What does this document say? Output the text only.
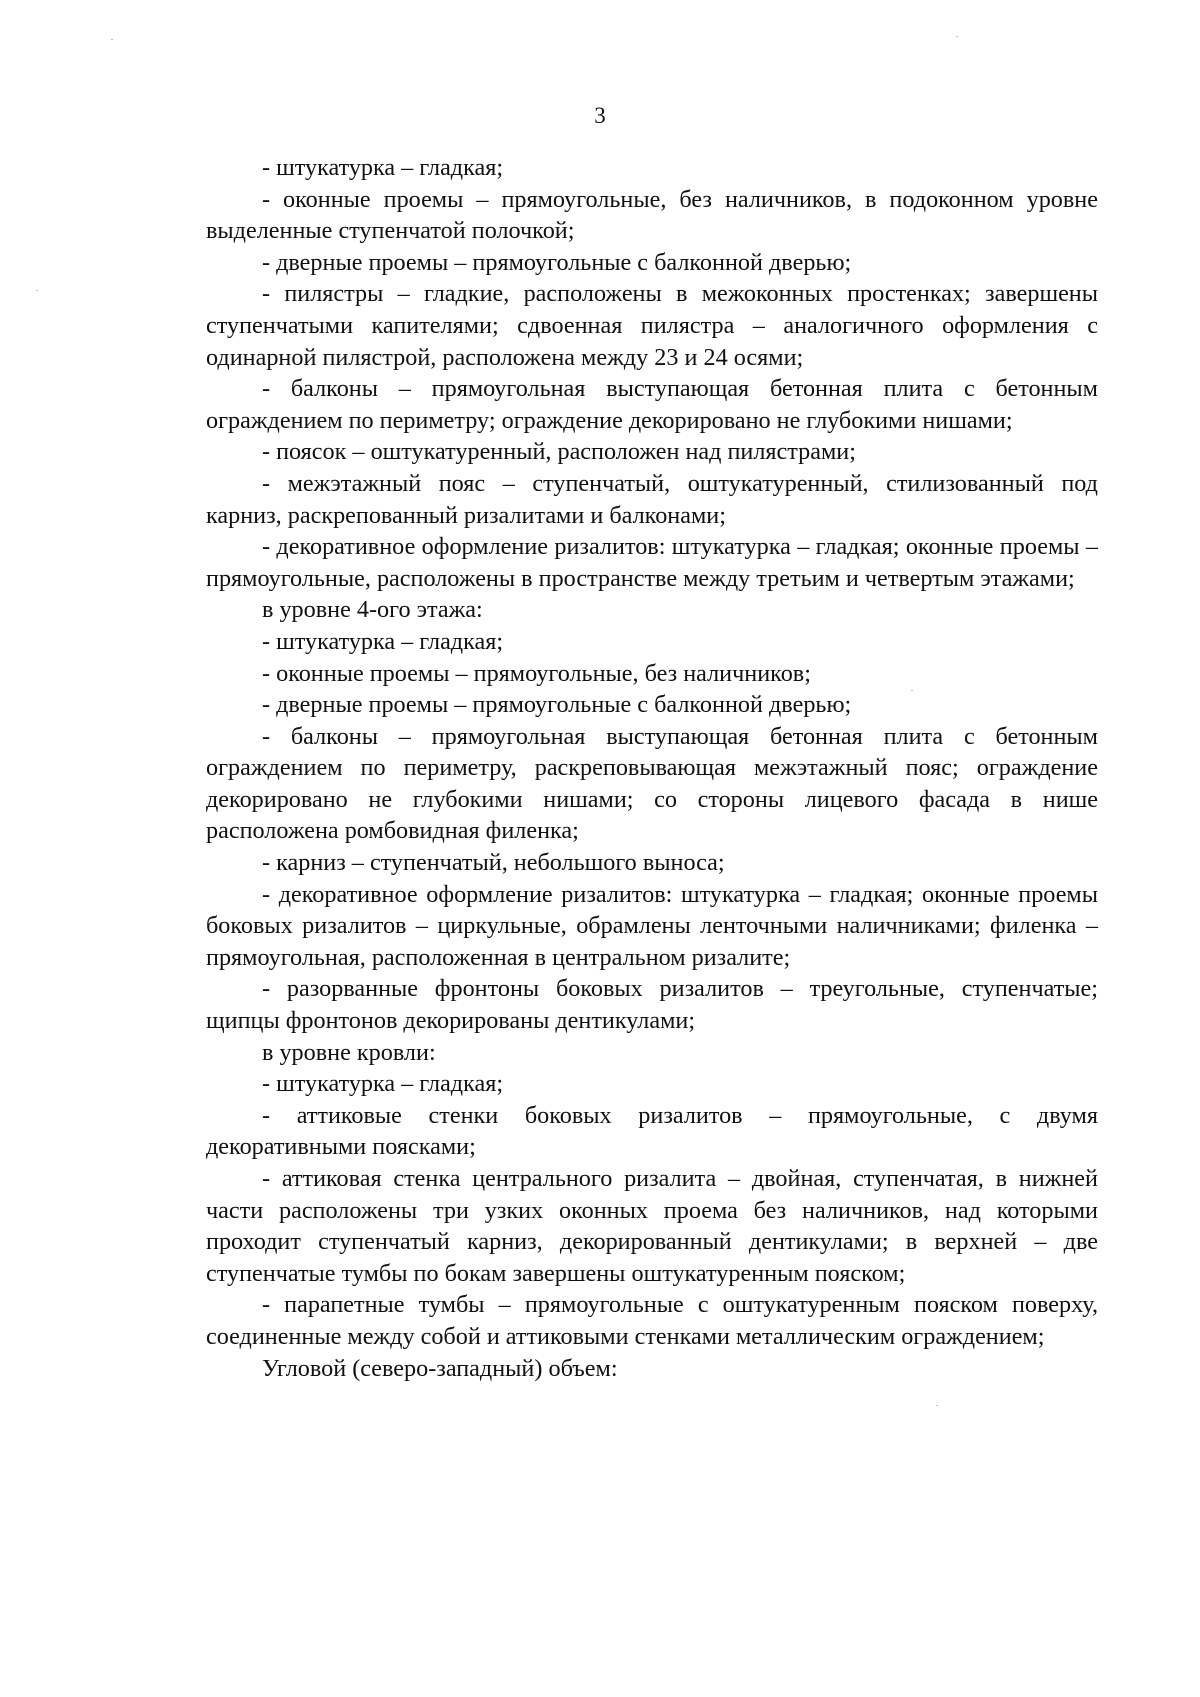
3

- штукатурка – гладкая;

- оконные проемы – прямоугольные, без наличников, в подоконном уровне выделенные ступенчатой полочкой;

- дверные проемы – прямоугольные с балконной дверью;

- пилястры – гладкие, расположены в межоконных простенках; завершены ступенчатыми капителями; сдвоенная пилястра – аналогичного оформления с одинарной пилястрой, расположена между 23 и 24 осями;

- балконы – прямоугольная выступающая бетонная плита с бетонным ограждением по периметру; ограждение декорировано не глубокими нишами;

- поясок – оштукатуренный, расположен над пилястрами;

- межэтажный пояс – ступенчатый, оштукатуренный, стилизованный под карниз, раскрепованный ризалитами и балконами;

- декоративное оформление ризалитов: штукатурка – гладкая; оконные проемы – прямоугольные, расположены в пространстве между третьим и четвертым этажами;

в уровне 4-ого этажа:

- штукатурка – гладкая;

- оконные проемы – прямоугольные, без наличников;

- дверные проемы – прямоугольные с балконной дверью;

- балконы – прямоугольная выступающая бетонная плита с бетонным ограждением по периметру, раскреповывающая межэтажный пояс; ограждение декорировано не глубокими нишами; со стороны лицевого фасада в нише расположена ромбовидная филенка;

- карниз – ступенчатый, небольшого выноса;

- декоративное оформление ризалитов: штукатурка – гладкая; оконные проемы боковых ризалитов – циркульные, обрамлены ленточными наличниками; филенка – прямоугольная, расположенная в центральном ризалите;

- разорванные фронтоны боковых ризалитов – треугольные, ступенчатые; щипцы фронтонов декорированы дентикулами;

в уровне кровли:

- штукатурка – гладкая;

- аттиковые стенки боковых ризалитов – прямоугольные, с двумя декоративными поясками;

- аттиковая стенка центрального ризалита – двойная, ступенчатая, в нижней части расположены три узких оконных проема без наличников, над которыми проходит ступенчатый карниз, декорированный дентикулами; в верхней – две ступенчатые тумбы по бокам завершены оштукатуренным пояском;

- парапетные тумбы – прямоугольные с оштукатуренным пояском поверху, соединенные между собой и аттиковыми стенками металлическим ограждением;

Угловой (северо-западный) объем:
